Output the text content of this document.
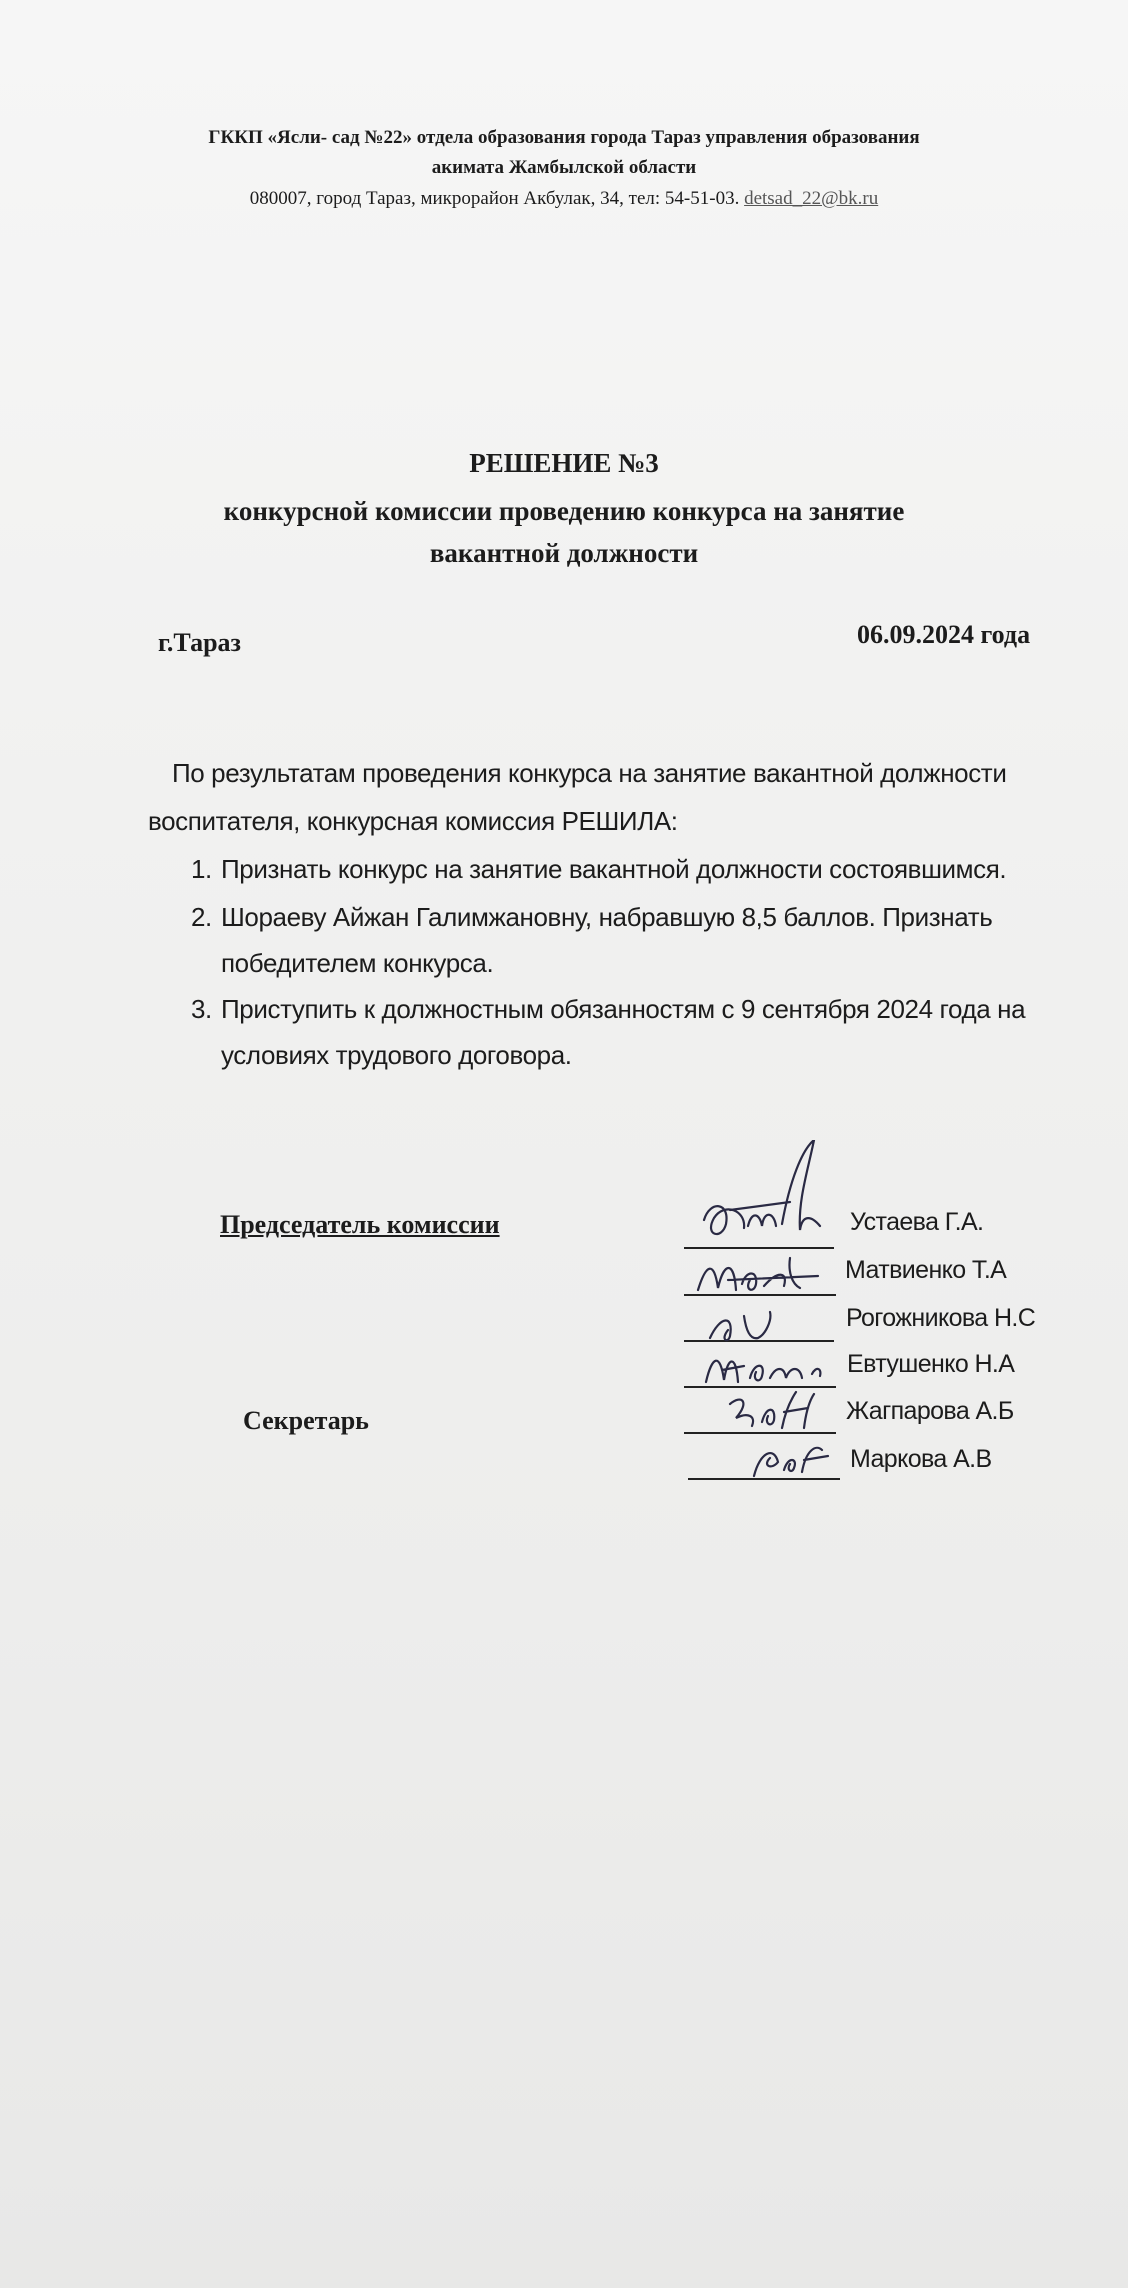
ГККП «Ясли- сад №22» отдела образования города Тараз управления образования
акимата Жамбылской области
080007, город Тараз, микрорайон Акбулак, 34, тел: 54-51-03. detsad_22@bk.ru
РЕШЕНИЕ №3
конкурсной комиссии проведению конкурса на занятие
вакантной должности
г.Тараз	06.09.2024 года
По результатам проведения конкурса на занятие вакантной должности
воспитателя, конкурсная комиссия РЕШИЛА:
1. Признать конкурс на занятие вакантной должности состоявшимся.
2. Шораеву Айжан Галимжановну, набравшую 8,5 баллов. Признать
победителем конкурса.
3. Приступить к должностным обязанностям с 9 сентября 2024 года на
условиях трудового договора.
Председатель комиссии
Секретарь
Устаева Г.А.
Матвиенко Т.А
Рогожникова Н.С
Евтушенко Н.А
Жагпарова А.Б
Маркова А.В
